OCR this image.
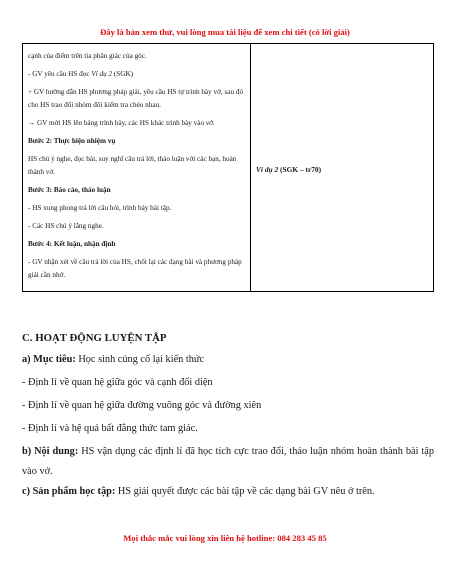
Đây là bản xem thử, vui lòng mua tài liệu để xem chi tiết (có lời giải)

cạnh của điểm trên tia phân giác của góc.

- GV yêu cầu HS đọc Ví dụ 2 (SGK)

+ GV hướng dẫn HS phương pháp giải, yêu cầu HS tự trình bày vở, sau đó cho HS trao đổi nhóm đôi kiểm tra chéo nhau.

→ GV mời HS lên bảng trình bày, các HS khác trình bày vào vở.

Bước 2: Thực hiện nhiệm vụ

HS chú ý nghe, đọc bài, suy nghĩ câu trả lời, thảo luận với các bạn, hoàn thành vở.

Bước 3: Báo cáo, thảo luận

- HS xung phong trả lời câu hỏi, trình bày bài tập.

- Các HS chú ý lắng nghe.

Bước 4: Kết luận, nhận định

- GV nhận xét về câu trả lời của HS, chốt lại các dạng bài và phương pháp giải cần nhớ.

	Ví dụ 2 (SGK – tr70)
C. HOẠT ĐỘNG LUYỆN TẬP
a) Mục tiêu: Học sinh củng cố lại kiến thức
- Định lí về quan hệ giữa góc và cạnh đối diện
- Định lí về quan hệ giữa đường vuông góc và đường xiên
- Định lí và hệ quả bất đẳng thức tam giác.
b) Nội dung: HS vận dụng các định lí đã học tích cực trao đổi, thảo luận nhóm hoàn thành bài tập vào vở.
c) Sản phẩm học tập: HS giải quyết được các bài tập về các dạng bài GV nêu ở trên.
Mọi thắc mắc vui lòng xin liên hệ hotline: 084 283 45 85
